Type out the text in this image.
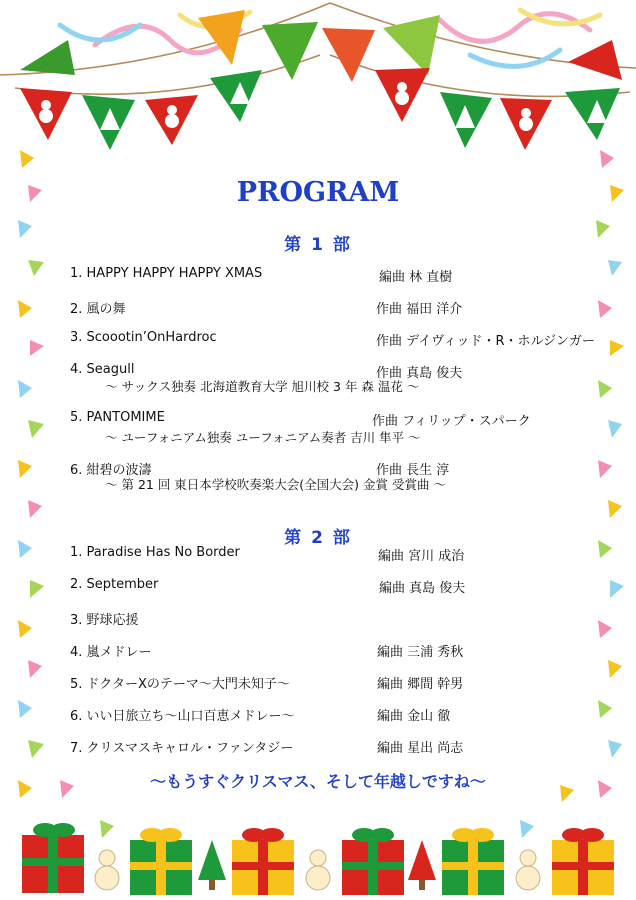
PROGRAM
第 1 部
1. HAPPY HAPPY HAPPY XMAS	編曲 林 直樹
2. 風の舞	作曲 福田 洋介
3. Scoootin’OnHardroc	作曲 デイヴィッド・R・ホルジンガー
4. Seagull	作曲 真島 俊夫
〜 サックス独奏 北海道教育大学 旭川校 3 年 森 温花 〜
5. PANTOMIME	作曲 フィリップ・スパーク
〜 ユーフォニアム独奏 ユーフォニアム奏者 吉川 隼平 〜
6. 紺碧の波濤	作曲 長生 淳
〜 第 21 回 東日本学校吹奏楽大会(全国大会) 金賞 受賞曲 〜
第 2 部
1. Paradise Has No Border	編曲 宮川 成治
2. September	編曲 真島 俊夫
3. 野球応援
4. 嵐メドレー	編曲 三浦 秀秋
5. ドクターXのテーマ〜大門未知子〜	編曲 郷間 幹男
6. いい日旅立ち〜山口百恵メドレー〜	編曲 金山 徹
7. クリスマスキャロル・ファンタジー	編曲 星出 尚志
〜もうすぐクリスマス、そして年越しですね〜
